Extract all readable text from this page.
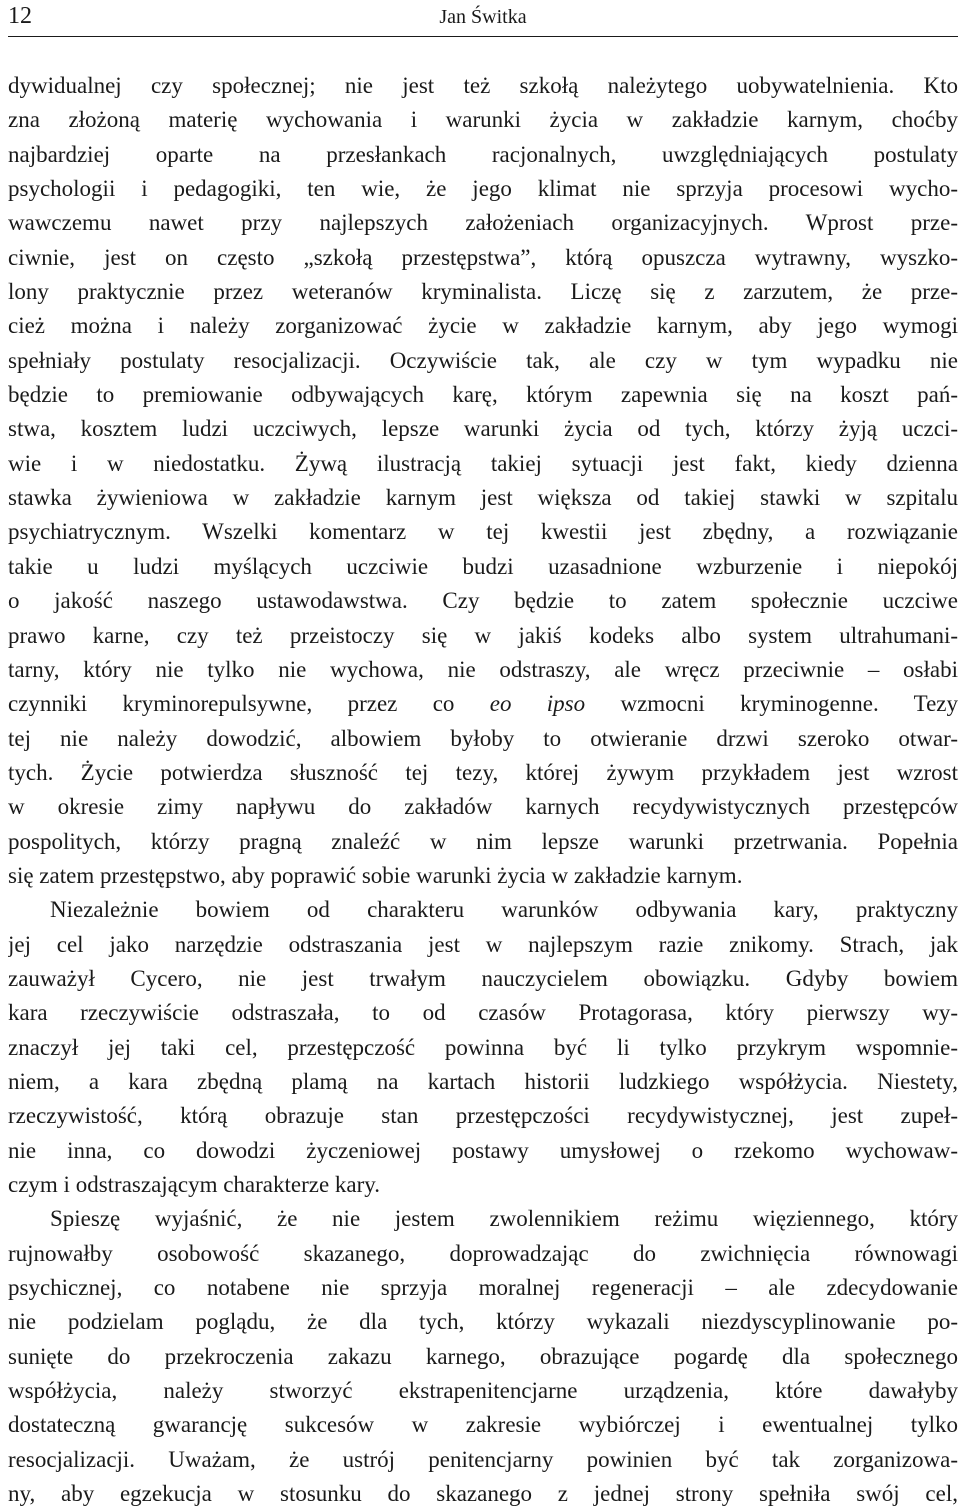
12	Jan Świtka
dywidualnej czy społecznej; nie jest też szkołą należytego uobywatelnienia. Kto
zna złożoną materię wychowania i warunki życia w zakładzie karnym, choćby
najbardziej oparte na przesłankach racjonalnych, uwzględniających postulaty
psychologii i pedagogiki, ten wie, że jego klimat nie sprzyja procesowi wycho-
wawczemu nawet przy najlepszych założeniach organizacyjnych. Wprost prze-
ciwnie, jest on często „szkołą przestępstwa”, którą opuszcza wytrawny, wyszko-
lony praktycznie przez weteranów kryminalista. Liczę się z zarzutem, że prze-
cież można i należy zorganizować życie w zakładzie karnym, aby jego wymogi
spełniały postulaty resocjalizacji. Oczywiście tak, ale czy w tym wypadku nie
będzie to premiowanie odbywających karę, którym zapewnia się na koszt pań-
stwa, kosztem ludzi uczciwych, lepsze warunki życia od tych, którzy żyją uczci-
wie i w niedostatku. Żywą ilustracją takiej sytuacji jest fakt, kiedy dzienna
stawka żywieniowa w zakładzie karnym jest większa od takiej stawki w szpitalu
psychiatrycznym. Wszelki komentarz w tej kwestii jest zbędny, a rozwiązanie
takie u ludzi myślących uczciwie budzi uzasadnione wzburzenie i niepokój
o jakość naszego ustawodawstwa. Czy będzie to zatem społecznie uczciwe
prawo karne, czy też przeistoczy się w jakiś kodeks albo system ultrahumani-
tarny, który nie tylko nie wychowa, nie odstraszy, ale wręcz przeciwnie – osłabi
czynniki kryminorepulsywne, przez co eo ipso wzmocni kryminogenne. Tezy
tej nie należy dowodzić, albowiem byłoby to otwieranie drzwi szeroko otwar-
tych. Życie potwierdza słuszność tej tezy, której żywym przykładem jest wzrost
w okresie zimy napływu do zakładów karnych recydywistycznych przestępców
pospolitych, którzy pragną znaleźć w nim lepsze warunki przetrwania. Popełnia
się zatem przestępstwo, aby poprawić sobie warunki życia w zakładzie karnym.
Niezależnie bowiem od charakteru warunków odbywania kary, praktyczny
jej cel jako narzędzie odstraszania jest w najlepszym razie znikomy. Strach, jak
zauważył Cycero, nie jest trwałym nauczycielem obowiązku. Gdyby bowiem
kara rzeczywiście odstraszała, to od czasów Protagorasa, który pierwszy wy-
znaczył jej taki cel, przestępczość powinna być li tylko przykrym wspomnie-
niem, a kara zbędną plamą na kartach historii ludzkiego współżycia. Niestety,
rzeczywistość, którą obrazuje stan przestępczości recydywistycznej, jest zupeł-
nie inna, co dowodzi życzeniowej postawy umysłowej o rzekomo wychowaw-
czym i odstraszającym charakterze kary.
Spieszę wyjaśnić, że nie jestem zwolennikiem reżimu więziennego, który
rujnowałby osobowość skazanego, doprowadzając do zwichnięcia równowagi
psychicznej, co notabene nie sprzyja moralnej regeneracji – ale zdecydowanie
nie podzielam poglądu, że dla tych, którzy wykazali niezdyscyplinowanie po-
sunięte do przekroczenia zakazu karnego, obrazujące pogardę dla społecznego
współżycia, należy stworzyć ekstrapenitencjarne urządzenia, które dawałyby
dostateczną gwarancję sukcesów w zakresie wybiórczej i ewentualnej tylko
resocjalizacji. Uważam, że ustrój penitencjarny powinien być tak zorganizowa-
ny, aby egzekucja w stosunku do skazanego z jednej strony spełniła swój cel,
